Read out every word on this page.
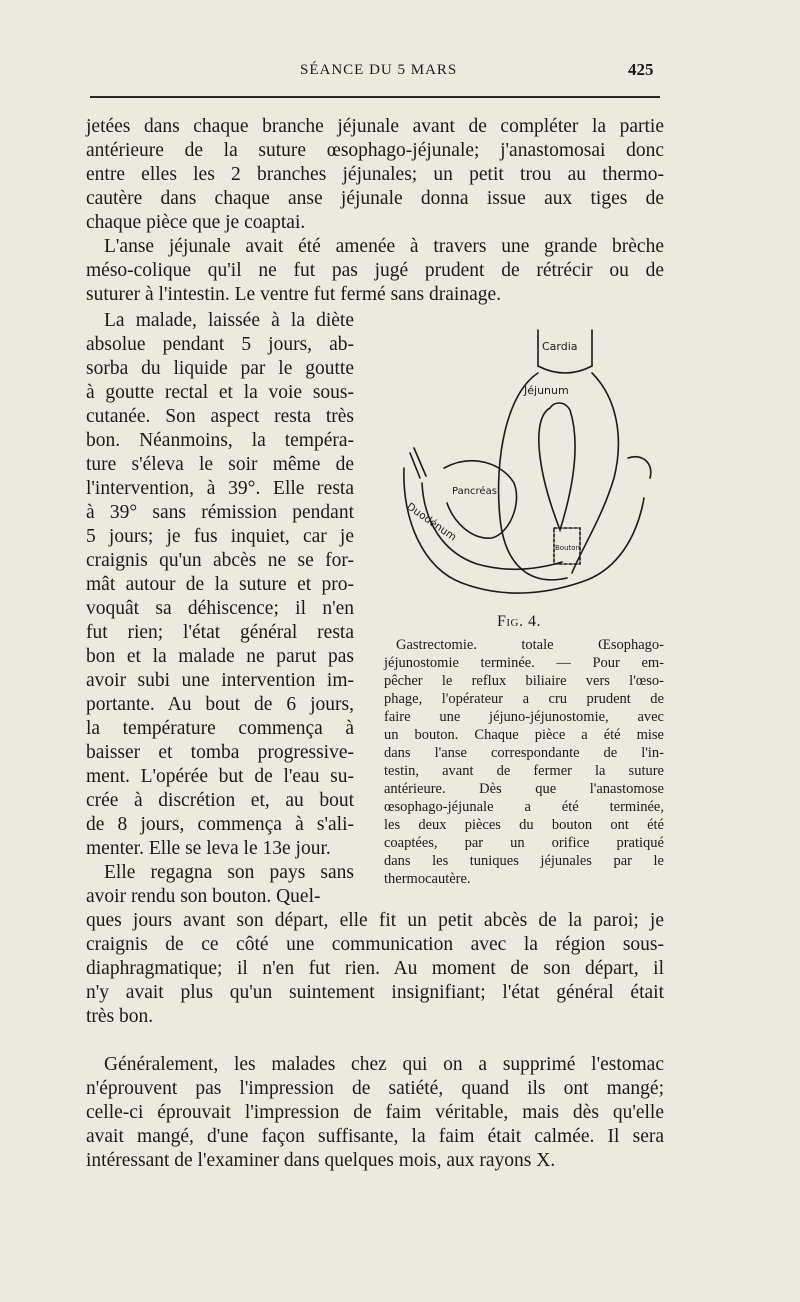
SÉANCE DU 5 MARS	425
jetées dans chaque branche jéjunale avant de compléter la partie
antérieure de la suture œsophago-jéjunale; j'anastomosai donc
entre elles les 2 branches jéjunales; un petit trou au thermo-
cautère dans chaque anse jéjunale donna issue aux tiges de
chaque pièce que je coaptai.
L'anse jéjunale avait été amenée à travers une grande brèche
méso-colique qu'il ne fut pas jugé prudent de rétrécir ou de
suturer à l'intestin. Le ventre fut fermé sans drainage.
La malade, laissée à la diète
absolue pendant 5 jours, ab-
sorba du liquide par le goutte
à goutte rectal et la voie sous-
cutanée. Son aspect resta très
bon. Néanmoins, la tempéra-
ture s'éleva le soir même de
l'intervention, à 39°. Elle resta
à 39° sans rémission pendant
5 jours; je fus inquiet, car je
craignis qu'un abcès ne se for-
mât autour de la suture et pro-
voquât sa déhiscence; il n'en
fut rien; l'état général resta
bon et la malade ne parut pas
avoir subi une intervention im-
portante. Au bout de 6 jours,
la température commença à
baisser et tomba progressive-
ment. L'opérée but de l'eau su-
crée à discrétion et, au bout
de 8 jours, commença à s'ali-
menter. Elle se leva le 13e jour.
Elle regagna son pays sans
avoir rendu son bouton. Quel-
ques jours avant son départ, elle fit un petit abcès de la paroi; je
craignis de ce côté une communication avec la région sous-
diaphragmatique; il n'en fut rien. Au moment de son départ, il
n'y avait plus qu'un suintement insignifiant; l'état général était
très bon.
Généralement, les malades chez qui on a supprimé l'estomac
n'éprouvent pas l'impression de satiété, quand ils ont mangé;
celle-ci éprouvait l'impression de faim véritable, mais dès qu'elle
avait mangé, d'une façon suffisante, la faim était calmée. Il sera
intéressant de l'examiner dans quelques mois, aux rayons X.
Cardia
Jéjunum
Pancréas
Duodénum
Bouton
Fig. 4.
Gastrectomie. totale Œsophago-
jéjunostomie terminée. — Pour em-
pêcher le reflux biliaire vers l'œso-
phage, l'opérateur a cru prudent de
faire une jéjuno-jéjunostomie, avec
un bouton. Chaque pièce a été mise
dans l'anse correspondante de l'in-
testin, avant de fermer la suture
antérieure. Dès que l'anastomose
œsophago-jéjunale a été terminée,
les deux pièces du bouton ont été
coaptées, par un orifice pratiqué
dans les tuniques jéjunales par le
thermocautère.
